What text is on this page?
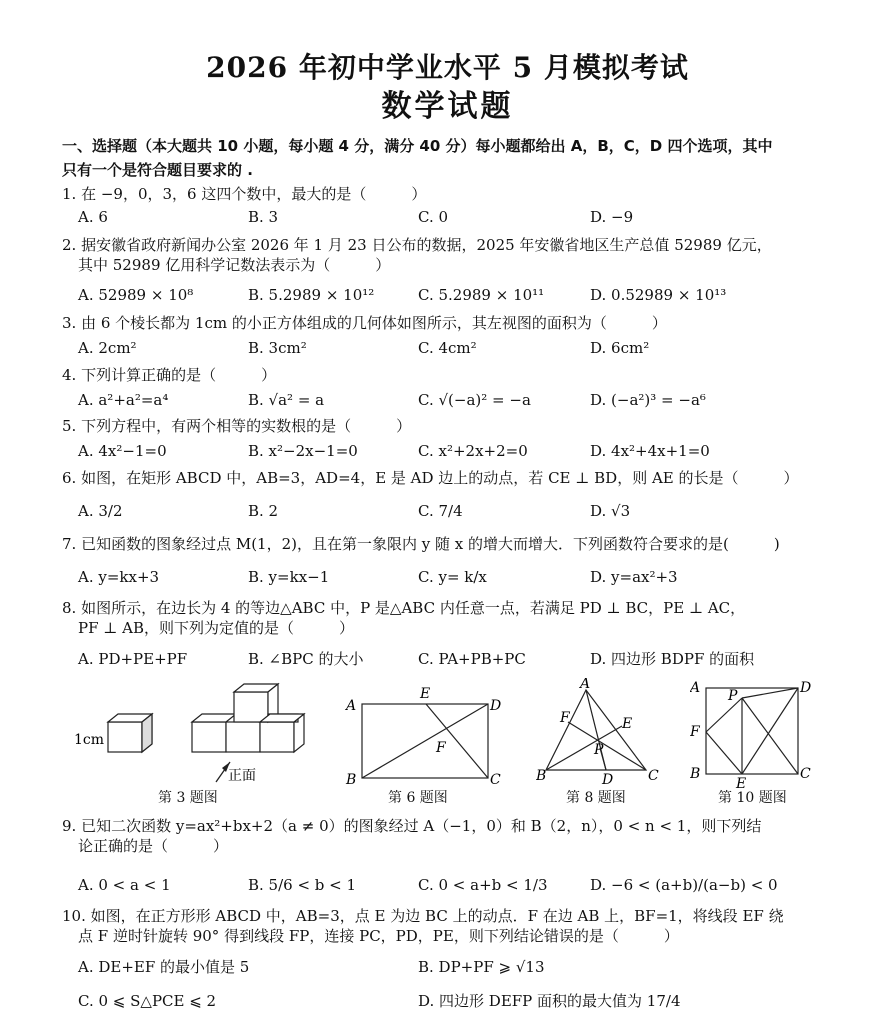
2026 年初中学业水平 5 月模拟考试
数学试题
一、选择题（本大题共 10 小题，每小题 4 分，满分 40 分）每小题都给出 A，B，C，D 四个选项，其中
只有一个是符合题目要求的 .
1. 在 −9，0，3，6 这四个数中，最大的是（　　　）
A. 6	B. 3	C. 0	D. −9
2. 据安徽省政府新闻办公室 2026 年 1 月 23 日公布的数据，2025 年安徽省地区生产总值 52989 亿元，
其中 52989 亿用科学记数法表示为（　　　）
A. 52989 × 10⁸	B. 5.2989 × 10¹²	C. 5.2989 × 10¹¹	D. 0.52989 × 10¹³
3. 由 6 个棱长都为 1cm 的小正方体组成的几何体如图所示，其左视图的面积为（　　　）
A. 2cm²	B. 3cm²	C. 4cm²	D. 6cm²
4. 下列计算正确的是（　　　）
A. a²+a²=a⁴	B. √a² = a	C. √(−a)² = −a	D. (−a²)³ = −a⁶
5. 下列方程中，有两个相等的实数根的是（　　　）
A. 4x²−1=0	B. x²−2x−1=0	C. x²+2x+2=0	D. 4x²+4x+1=0
6. 如图，在矩形 ABCD 中，AB=3，AD=4，E 是 AD 边上的动点，若 CE ⊥ BD，则 AE 的长是（　　　）
A. 3/2	B. 2	C. 7/4	D. √3
7. 已知函数的图象经过点 M(1，2)，且在第一象限内 y 随 x 的增大而增大．下列函数符合要求的是(　　　)
A. y=kx+3	B. y=kx−1	C. y= k/x	D. y=ax²+3
8. 如图所示，在边长为 4 的等边△ABC 中，P 是△ABC 内任意一点，若满足 PD ⊥ BC，PE ⊥ AC，
PF ⊥ AB，则下列为定值的是（　　　）
A. PD+PE+PF	B. ∠BPC 的大小	C. PA+PB+PC	D. 四边形 BDPF 的面积
1cm
正面
第 3 题图
A	D
B	C
E
F
第 6 题图
A
B	C
D
E
F
P
第 8 题图
A	D
B	C
E
F
P
第 10 题图
9. 已知二次函数 y=ax²+bx+2（a ≠ 0）的图象经过 A（−1，0）和 B（2，n），0 < n < 1，则下列结
论正确的是（　　　）
A. 0 < a < 1	B. 5/6 < b < 1	C. 0 < a+b < 1/3	D. −6 < (a+b)/(a−b) < 0
10. 如图，在正方形形 ABCD 中，AB=3，点 E 为边 BC 上的动点．F 在边 AB 上，BF=1，将线段 EF 绕
点 F 逆时针旋转 90° 得到线段 FP，连接 PC，PD，PE，则下列结论错误的是（　　　）
A. DE+EF 的最小值是 5	B. DP+PF ⩾ √13
C. 0 ⩽ S△PCE ⩽ 2	D. 四边形 DEFP 面积的最大值为 17/4
